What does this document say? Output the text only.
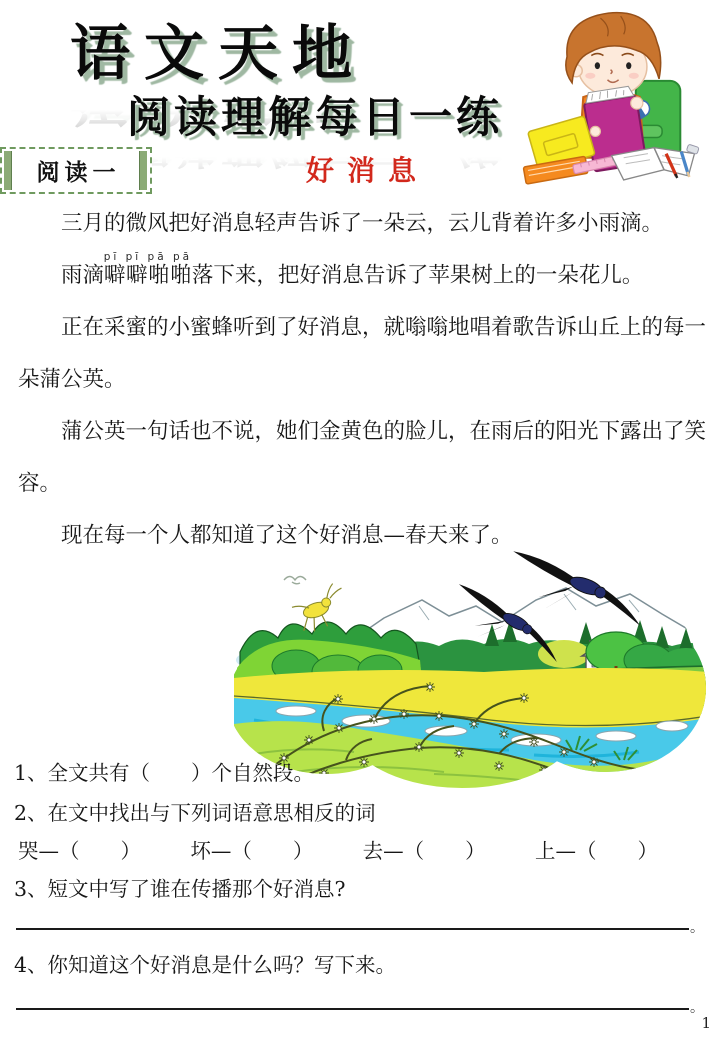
语文天地
阅读理解每日一练
阅读一	好消息

三月的微风把好消息轻声告诉了一朵云，云儿背着许多小雨滴。

雨滴噼噼啪啪pī pī pā pā落下来，把好消息告诉了苹果树上的一朵花儿。

正在采蜜的小蜜蜂听到了好消息，就嗡嗡地唱着歌告诉山丘上的每一朵蒲公英。

蒲公英一句话也不说，她们金黄色的脸儿，在雨后的阳光下露出了笑容。

现在每一个人都知道了这个好消息—春天来了。

1、全文共有（　　）个自然段。
2、在文中找出与下列词语意思相反的词
哭—（　　） 坏—（　　） 去—（　　） 上—（　　）
3、短文中写了谁在传播那个好消息?
。
4、你知道这个好消息是什么吗？写下来。
。
1
